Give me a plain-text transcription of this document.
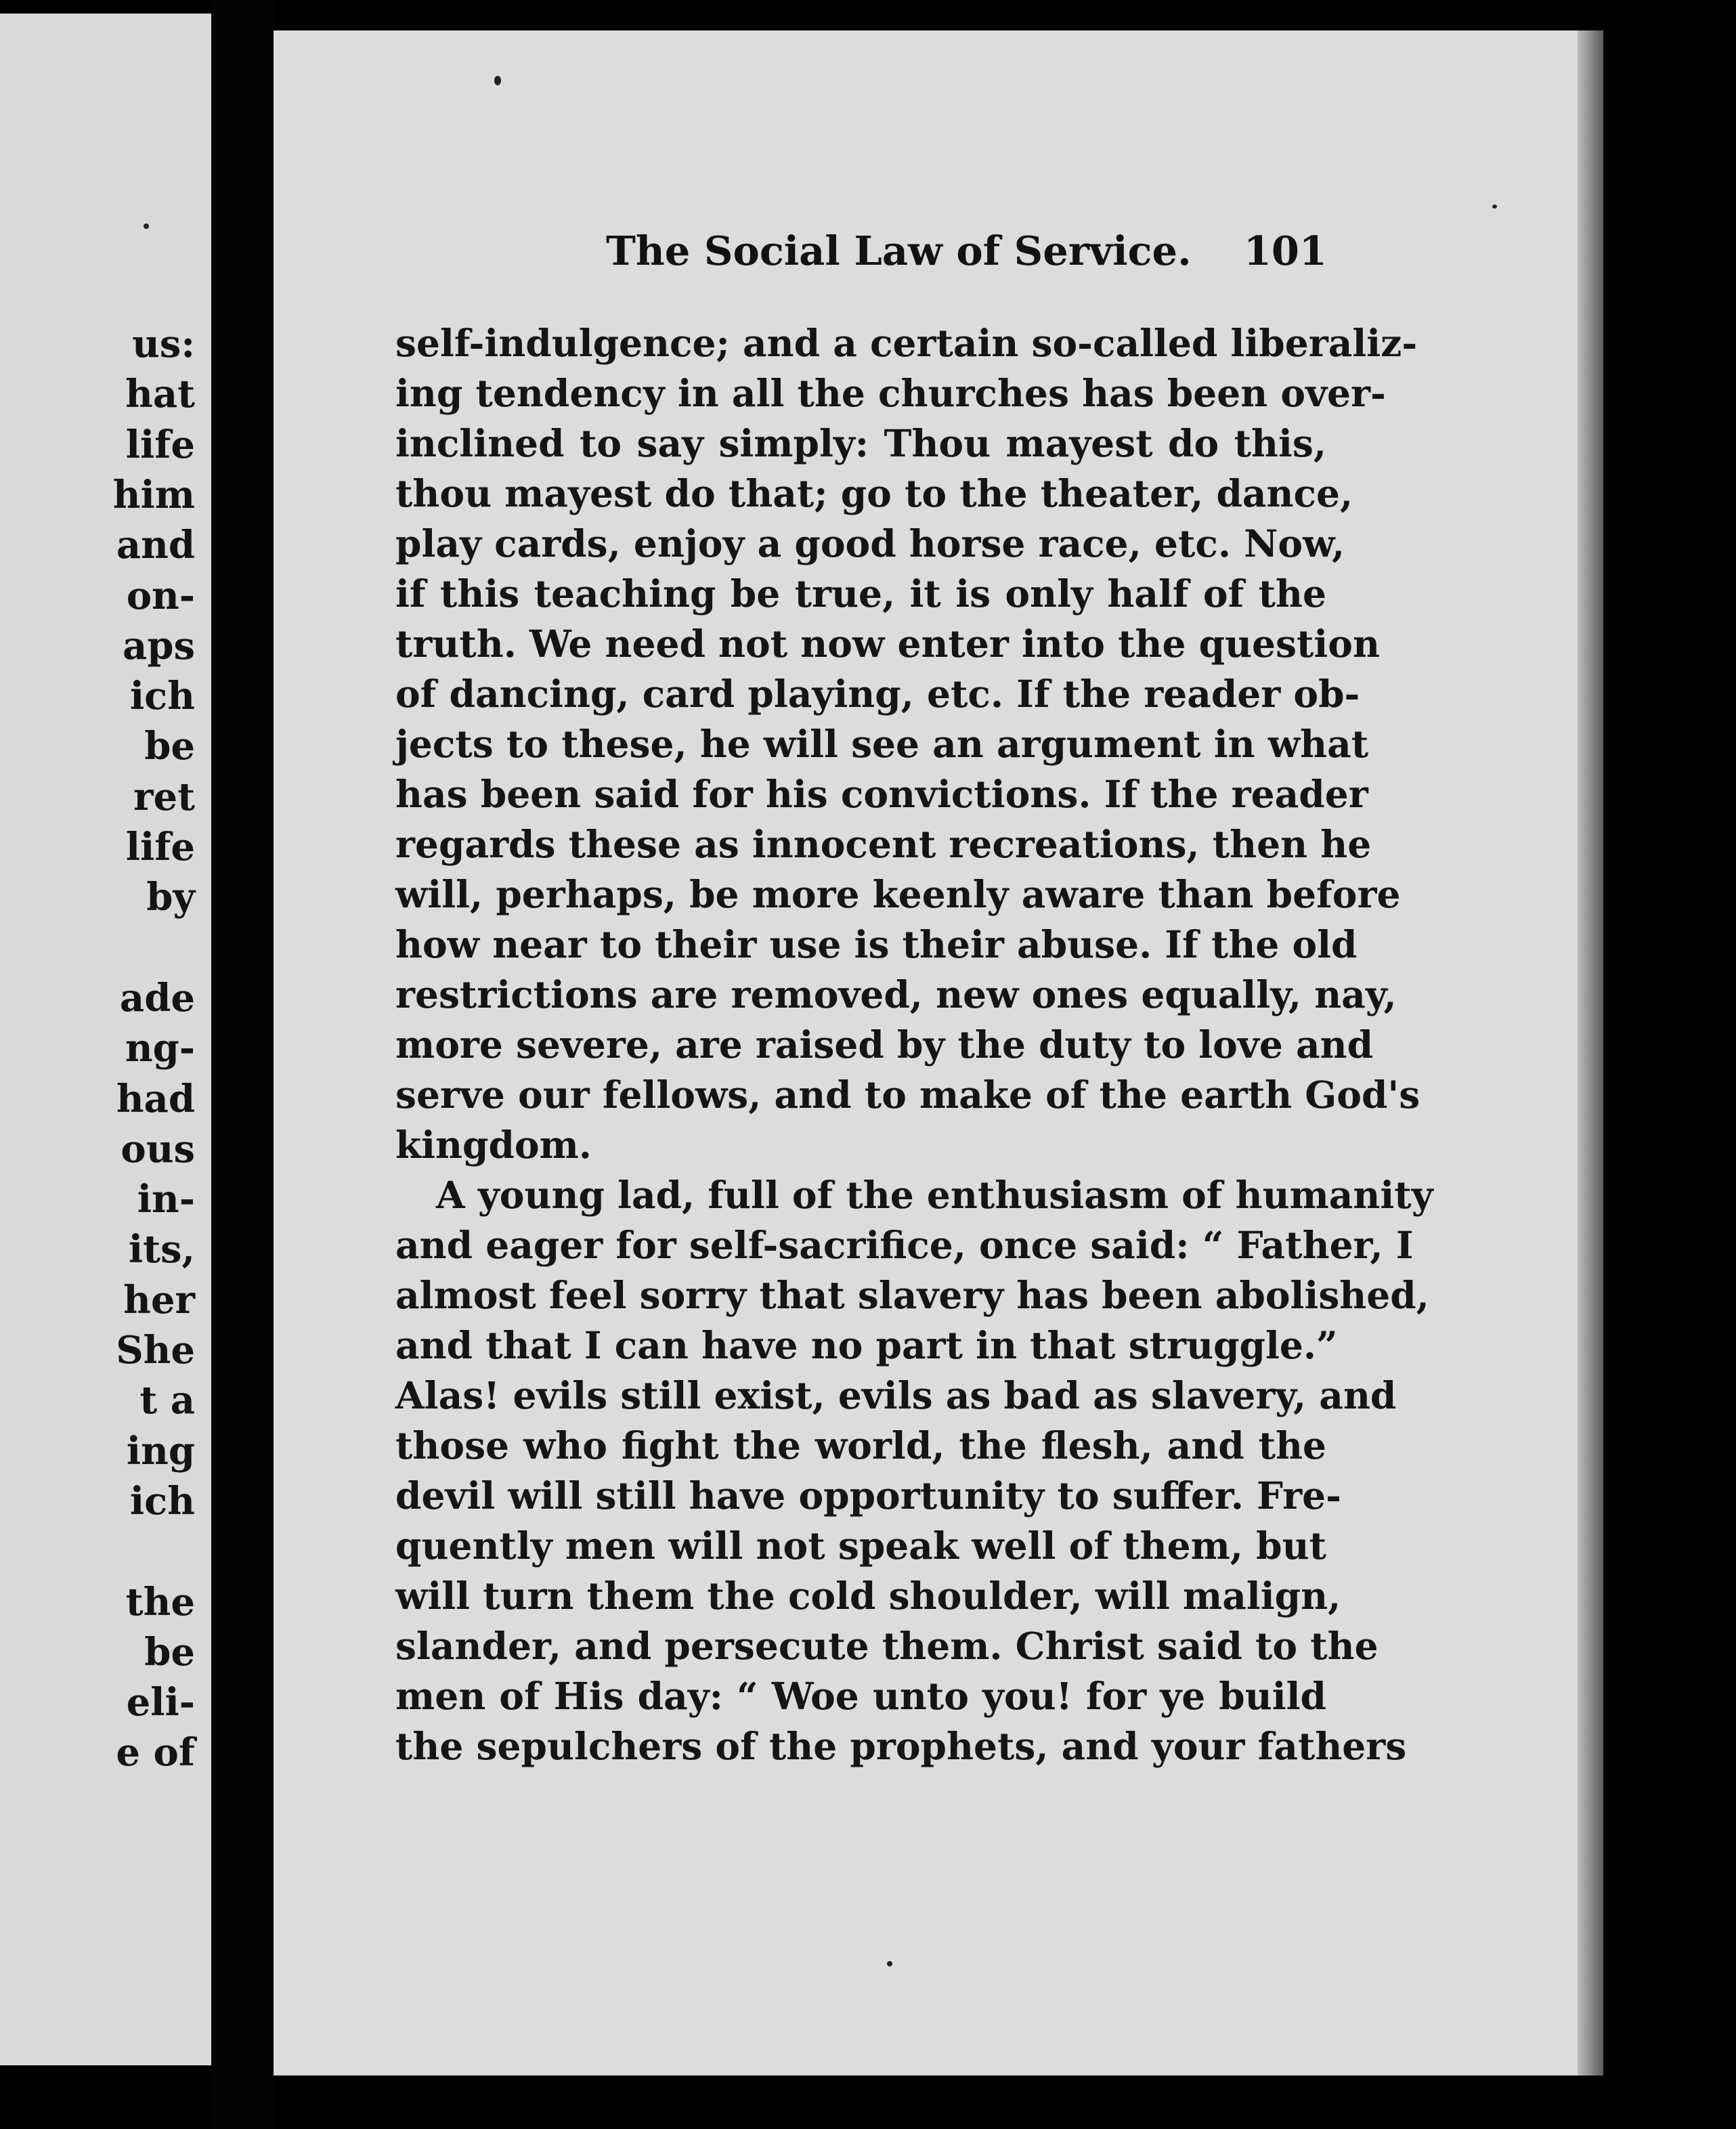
us:
hat
life
him
and
on-
aps
ich
be
ret
life
by
ade
ng-
had
ous
in-
its,
her
She
t a
ing
ich
the
be
eli-
e of
The Social Law of Service. 101
self-indulgence; and a certain so-called liberaliz-
ing tendency in all the churches has been over-
inclined to say simply: Thou mayest do this,
thou mayest do that; go to the theater, dance,
play cards, enjoy a good horse race, etc. Now,
if this teaching be true, it is only half of the
truth. We need not now enter into the question
of dancing, card playing, etc. If the reader ob-
jects to these, he will see an argument in what
has been said for his convictions. If the reader
regards these as innocent recreations, then he
will, perhaps, be more keenly aware than before
how near to their use is their abuse. If the old
restrictions are removed, new ones equally, nay,
more severe, are raised by the duty to love and
serve our fellows, and to make of the earth God's
kingdom.
A young lad, full of the enthusiasm of humanity
and eager for self-sacrifice, once said: “ Father, I
almost feel sorry that slavery has been abolished,
and that I can have no part in that struggle.”
Alas! evils still exist, evils as bad as slavery, and
those who fight the world, the flesh, and the
devil will still have opportunity to suffer. Fre-
quently men will not speak well of them, but
will turn them the cold shoulder, will malign,
slander, and persecute them. Christ said to the
men of His day: “ Woe unto you! for ye build
the sepulchers of the prophets, and your fathers
